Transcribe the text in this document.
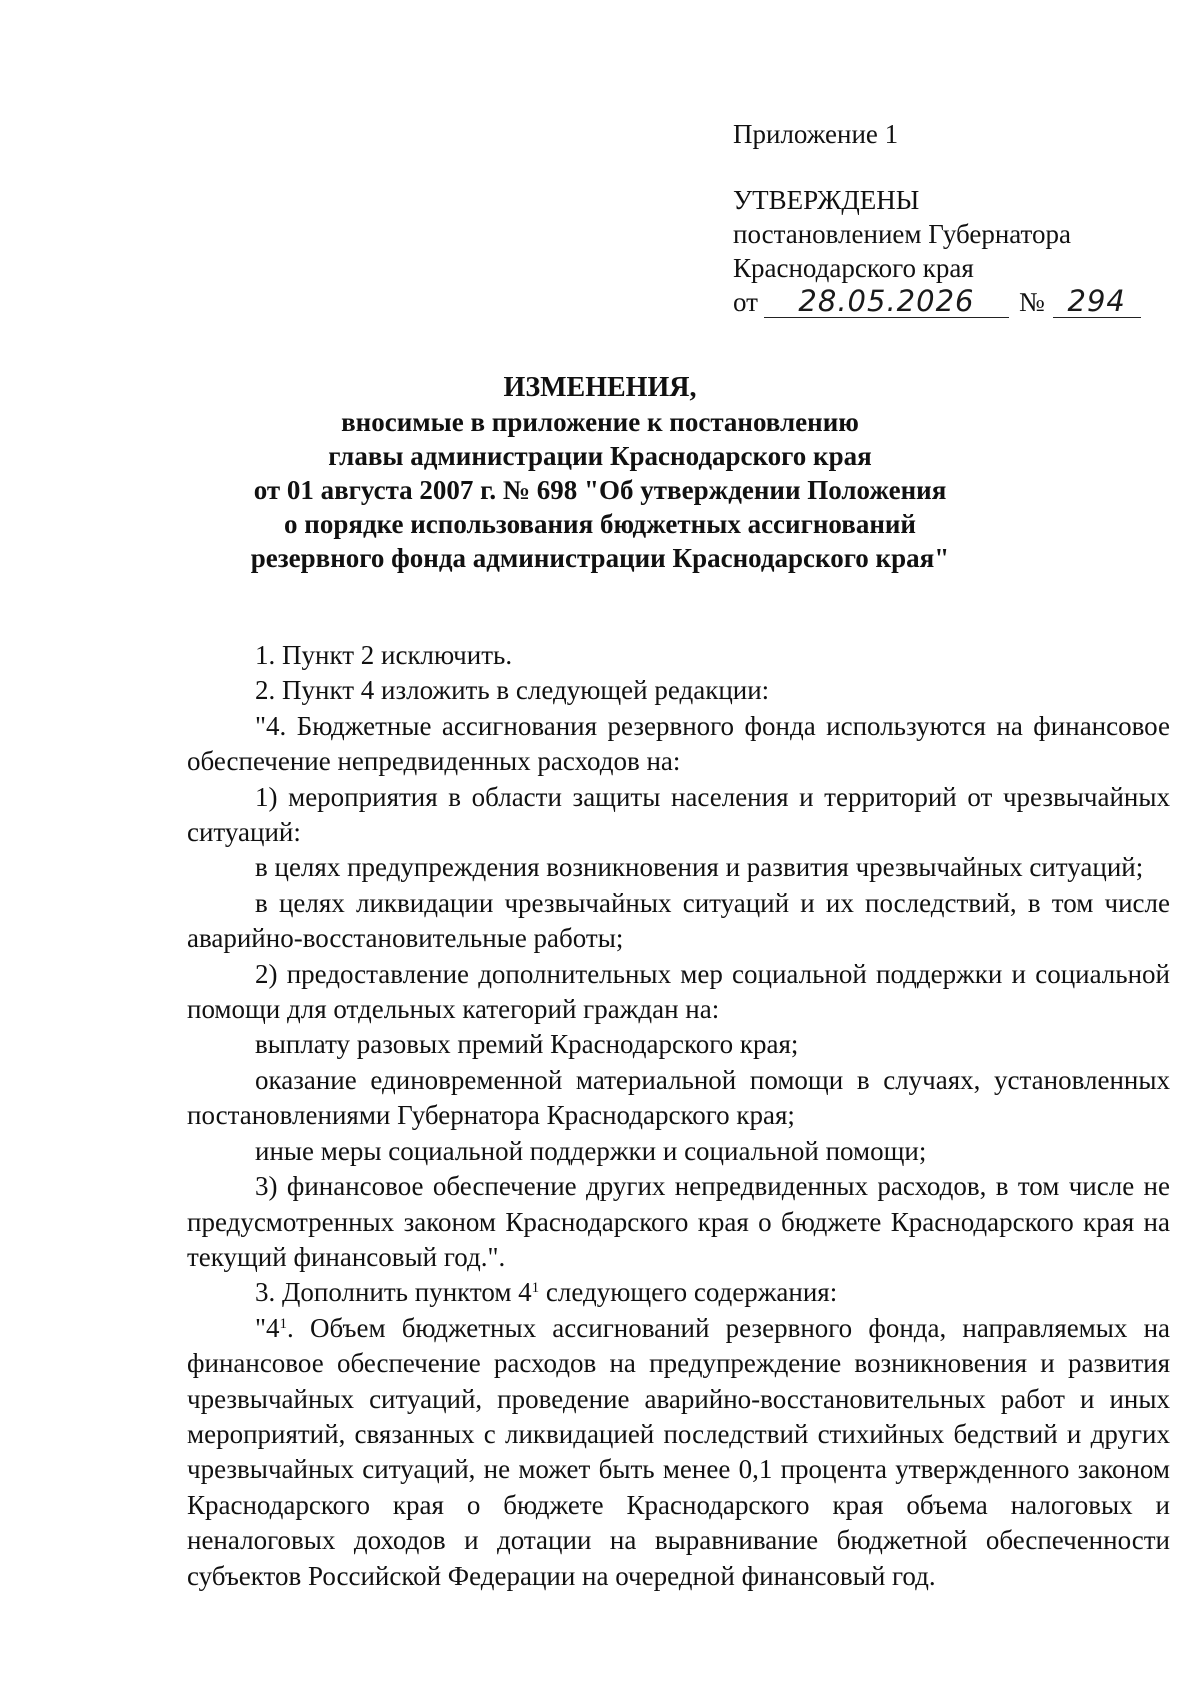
Приложение 1
УТВЕРЖДЕНЫ
постановлением Губернатора
Краснодарского края
от	28.05.2026	№ 294
ИЗМЕНЕНИЯ,
вносимые в приложение к постановлению
главы администрации Краснодарского края
от 01 августа 2007 г. № 698 "Об утверждении Положения
о порядке использования бюджетных ассигнований
резервного фонда администрации Краснодарского края"

1. Пункт 2 исключить.

2. Пункт 4 изложить в следующей редакции:

"4. Бюджетные ассигнования резервного фонда используются на финансовое обеспечение непредвиденных расходов на:

1) мероприятия в области защиты населения и территорий от чрезвычайных ситуаций:

в целях предупреждения возникновения и развития чрезвычайных ситуаций;

в целях ликвидации чрезвычайных ситуаций и их последствий, в том числе аварийно-восстановительные работы;

2) предоставление дополнительных мер социальной поддержки и социальной помощи для отдельных категорий граждан на:

выплату разовых премий Краснодарского края;

оказание единовременной материальной помощи в случаях, установленных постановлениями Губернатора Краснодарского края;

иные меры социальной поддержки и социальной помощи;

3) финансовое обеспечение других непредвиденных расходов, в том числе не предусмотренных законом Краснодарского края о бюджете Краснодарского края на текущий финансовый год.".

3. Дополнить пунктом $4^1$ следующего содержания:

"$4^1$. Объем бюджетных ассигнований резервного фонда, направляемых на финансовое обеспечение расходов на предупреждение возникновения и развития чрезвычайных ситуаций, проведение аварийно-восстановительных работ и иных мероприятий, связанных с ликвидацией последствий стихийных бедствий и других чрезвычайных ситуаций, не может быть менее 0,1 процента утвержденного законом Краснодарского края о бюджете Краснодарского края объема налоговых и неналоговых доходов и дотации на выравнивание бюджетной обеспеченности субъектов Российской Федерации на очередной финансовый год.
